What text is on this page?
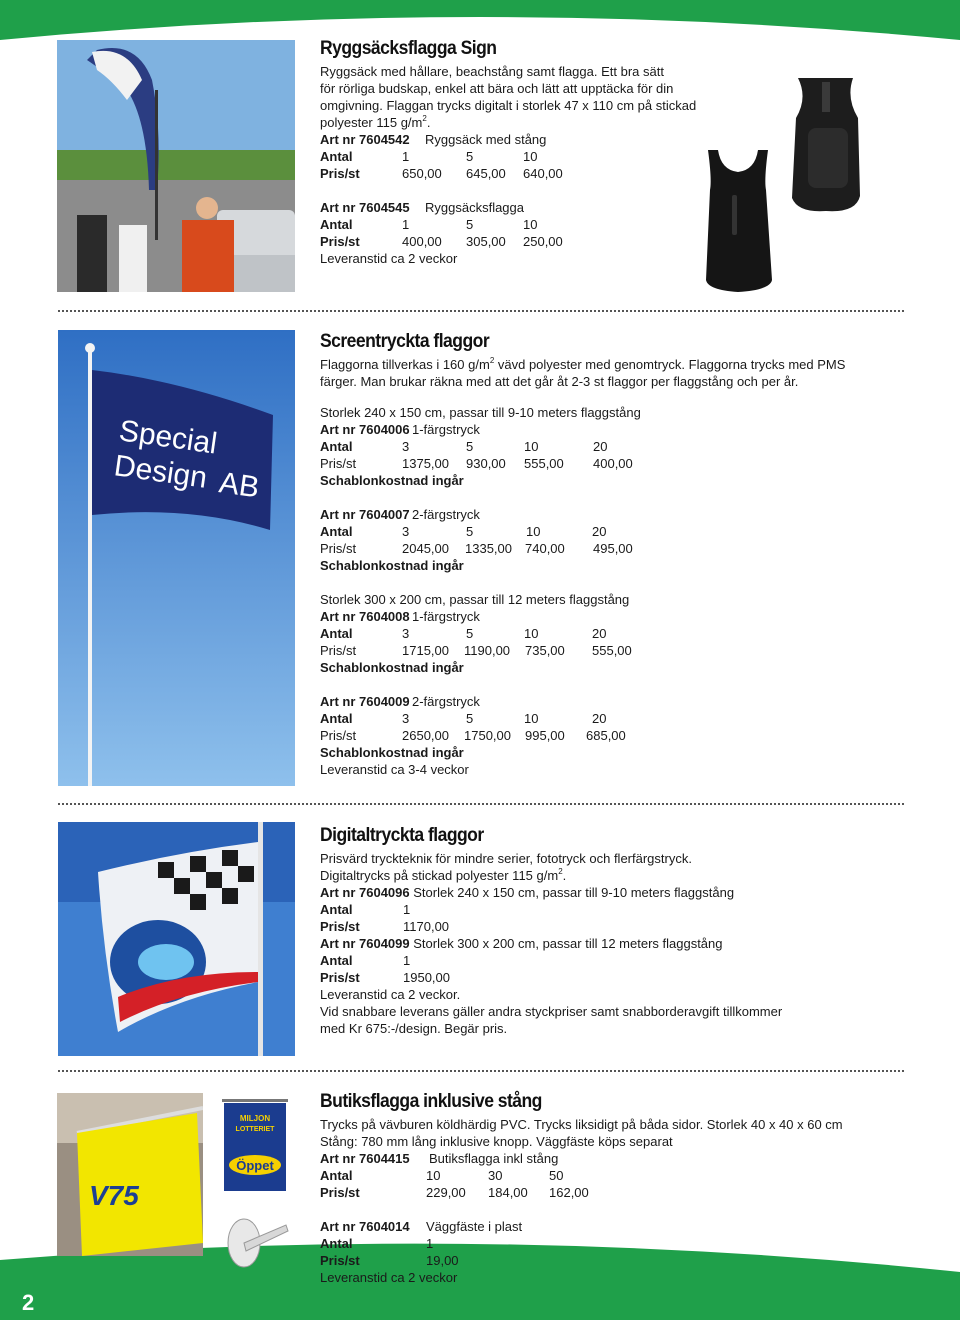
2
Ryggsäcksflagga Sign

Ryggsäck med hållare, beachstång samt flagga. Ett bra sätt

för rörliga budskap, enkel att bära och lätt att upptäcka för din

omgivning. Flaggan trycks digitalt i storlek 47 x 110 cm på stickad

polyester 115 $g/m^2$.

Art nr 7604542	Ryggsäck med stång
Antal	1	5	10
Pris/st	650,00	645,00	640,00
Art nr 7604545	Ryggsäcksflagga
Antal	1	5	10
Pris/st	400,00	305,00	250,00

Leveranstid ca 2 veckor

Special
Design AB
Screentryckta flaggor

Flaggorna tillverkas i 160 $g/m^2$ vävd polyester med genomtryck. Flaggorna trycks med PMS

färger. Man brukar räkna med att det går åt 2-3 st flaggor per flaggstång och per år.

Storlek 240 x 150 cm, passar till 9-10 meters flaggstång

Art nr 7604006 1-färgstryck
Antal	3	5	10	20
Pris/st	1375,00	930,00	555,00	400,00

Schablonkostnad ingår

Art nr 7604007 2-färgstryck
Antal	3	5	10	20
Pris/st	2045,00	1335,00	740,00	495,00

Schablonkostnad ingår

Storlek 300 x 200 cm, passar till 12 meters flaggstång

Art nr 7604008 1-färgstryck
Antal	3	5	10	20
Pris/st	1715,00	1190,00	735,00	555,00

Schablonkostnad ingår

Art nr 7604009 2-färgstryck
Antal	3	5	10	20
Pris/st	2650,00	1750,00	995,00	685,00

Schablonkostnad ingår

Leveranstid ca 3-4 veckor

Digitaltryckta flaggor

Prisvärd trycktekniк för mindre serier, fototryck och flerfärgstryck.

Digitaltrycks på stickad polyester 115 $g/m^2$.

Art nr 7604096 Storlek 240 x 150 cm, passar till 9-10 meters flaggstång

Antal	1
Pris/st	1170,00

Art nr 7604099 Storlek 300 x 200 cm, passar till 12 meters flaggstång

Antal	1
Pris/st	1950,00

Leveranstid ca 2 veckor.

Vid snabbare leverans gäller andra styckpriser samt snabborderavgift tillkommer

med Kr 675:-/design. Begär pris.

V75
MILJON
LOTTERIET
Öppet
Butiksflagga inklusive stång

Trycks på vävburen köldhärdig PVC. Trycks liksidigt på båda sidor. Storlek 40 x 40 x 60 cm

Stång: 780 mm lång inklusive knopp. Väggfäste köps separat

Art nr 7604415	Butiksflagga inkl stång
Antal	10	30	50
Pris/st	229,00	184,00	162,00
Art nr 7604014	Väggfäste i plast
Antal	1
Pris/st	19,00

Leveranstid ca 2 veckor
